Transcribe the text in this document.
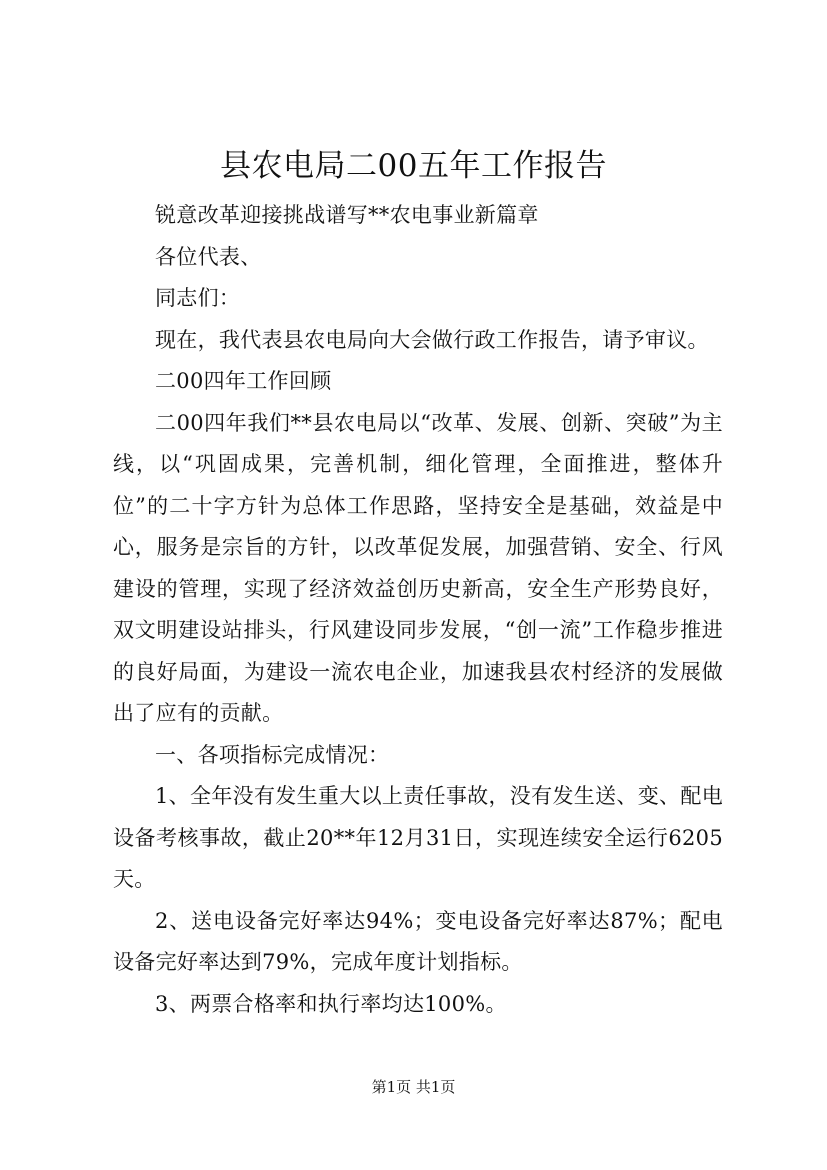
县农电局二00五年工作报告

锐意改革迎接挑战谱写**农电事业新篇章

各位代表、

同志们：

现在，我代表县农电局向大会做行政工作报告，请予审议。

二00四年工作回顾

二00四年我们**县农电局以“改革、发展、创新、突破”为主线，以“巩固成果，完善机制，细化管理，全面推进，整体升位”的二十字方针为总体工作思路，坚持安全是基础，效益是中心，服务是宗旨的方针，以改革促发展，加强营销、安全、行风建设的管理，实现了经济效益创历史新高，安全生产形势良好，双文明建设站排头，行风建设同步发展，“创一流”工作稳步推进的良好局面，为建设一流农电企业，加速我县农村经济的发展做出了应有的贡献。

一、各项指标完成情况：

1、全年没有发生重大以上责任事故，没有发生送、变、配电设备考核事故，截止20**年12月31日，实现连续安全运行6205天。

2、送电设备完好率达94%；变电设备完好率达87%；配电设备完好率达到79%，完成年度计划指标。

3、两票合格率和执行率均达100%。

第1页 共1页
